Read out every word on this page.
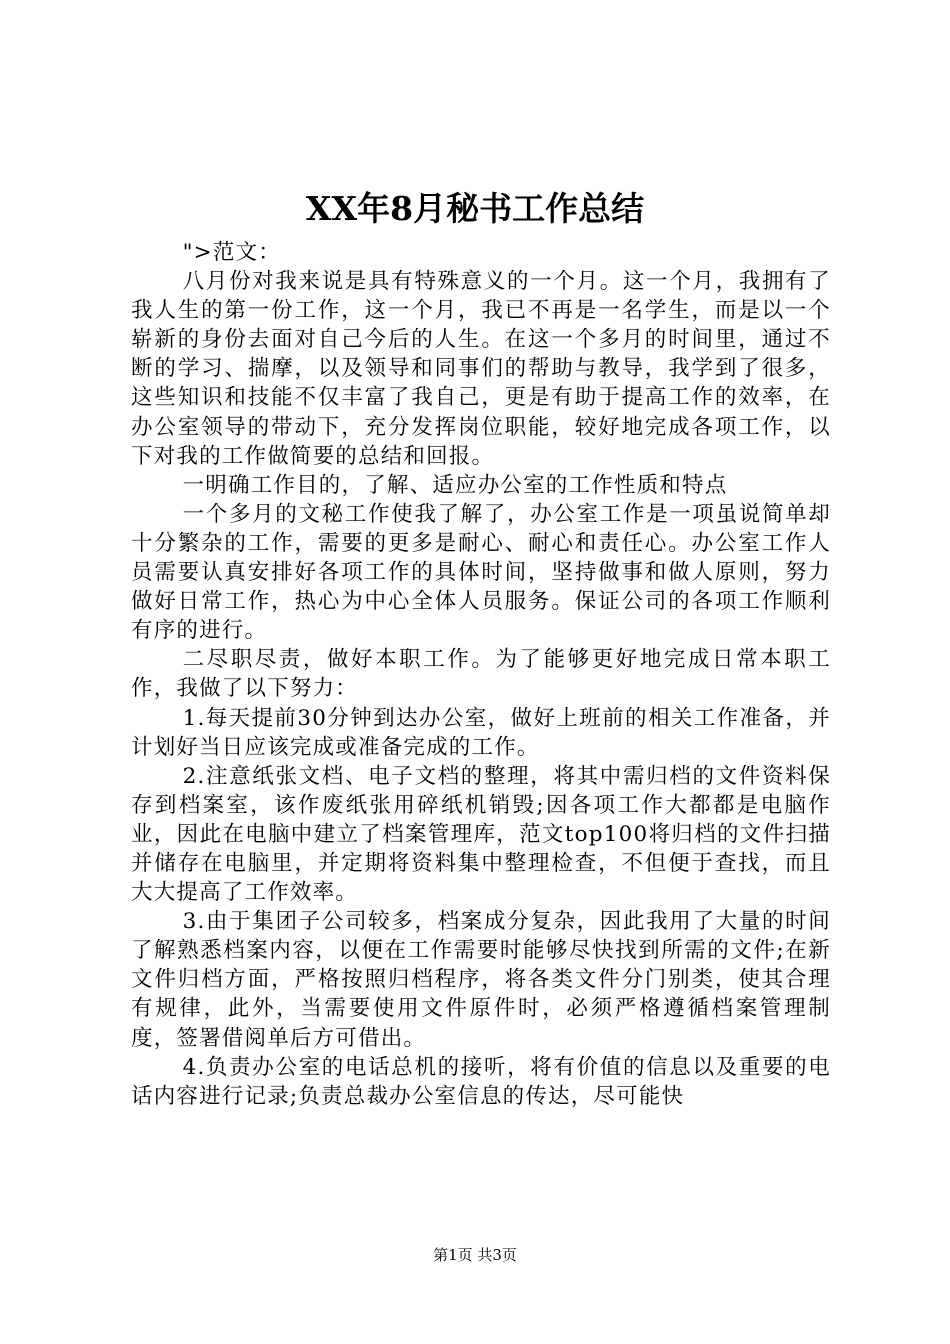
XX年8月秘书工作总结

">范文：

八月份对我来说是具有特殊意义的一个月。这一个月，我拥有了我人生的第一份工作，这一个月，我已不再是一名学生，而是以一个崭新的身份去面对自己今后的人生。在这一个多月的时间里，通过不断的学习、揣摩，以及领导和同事们的帮助与教导，我学到了很多，这些知识和技能不仅丰富了我自己，更是有助于提高工作的效率，在办公室领导的带动下，充分发挥岗位职能，较好地完成各项工作，以下对我的工作做简要的总结和回报。

一明确工作目的，了解、适应办公室的工作性质和特点

一个多月的文秘工作使我了解了，办公室工作是一项虽说简单却十分繁杂的工作，需要的更多是耐心、耐心和责任心。办公室工作人员需要认真安排好各项工作的具体时间，坚持做事和做人原则，努力做好日常工作，热心为中心全体人员服务。保证公司的各项工作顺利有序的进行。

二尽职尽责，做好本职工作。为了能够更好地完成日常本职工作，我做了以下努力：

1.每天提前30分钟到达办公室，做好上班前的相关工作准备，并计划好当日应该完成或准备完成的工作。

2.注意纸张文档、电子文档的整理，将其中需归档的文件资料保存到档案室，该作废纸张用碎纸机销毁;因各项工作大都都是电脑作业，因此在电脑中建立了档案管理库，范文top100将归档的文件扫描并储存在电脑里，并定期将资料集中整理检查，不但便于查找，而且大大提高了工作效率。

3.由于集团子公司较多，档案成分复杂，因此我用了大量的时间了解熟悉档案内容，以便在工作需要时能够尽快找到所需的文件;在新文件归档方面，严格按照归档程序，将各类文件分门别类，使其合理有规律，此外，当需要使用文件原件时，必须严格遵循档案管理制度，签署借阅单后方可借出。

4.负责办公室的电话总机的接听，将有价值的信息以及重要的电话内容进行记录;负责总裁办公室信息的传达，尽可能快

第1页 共3页
